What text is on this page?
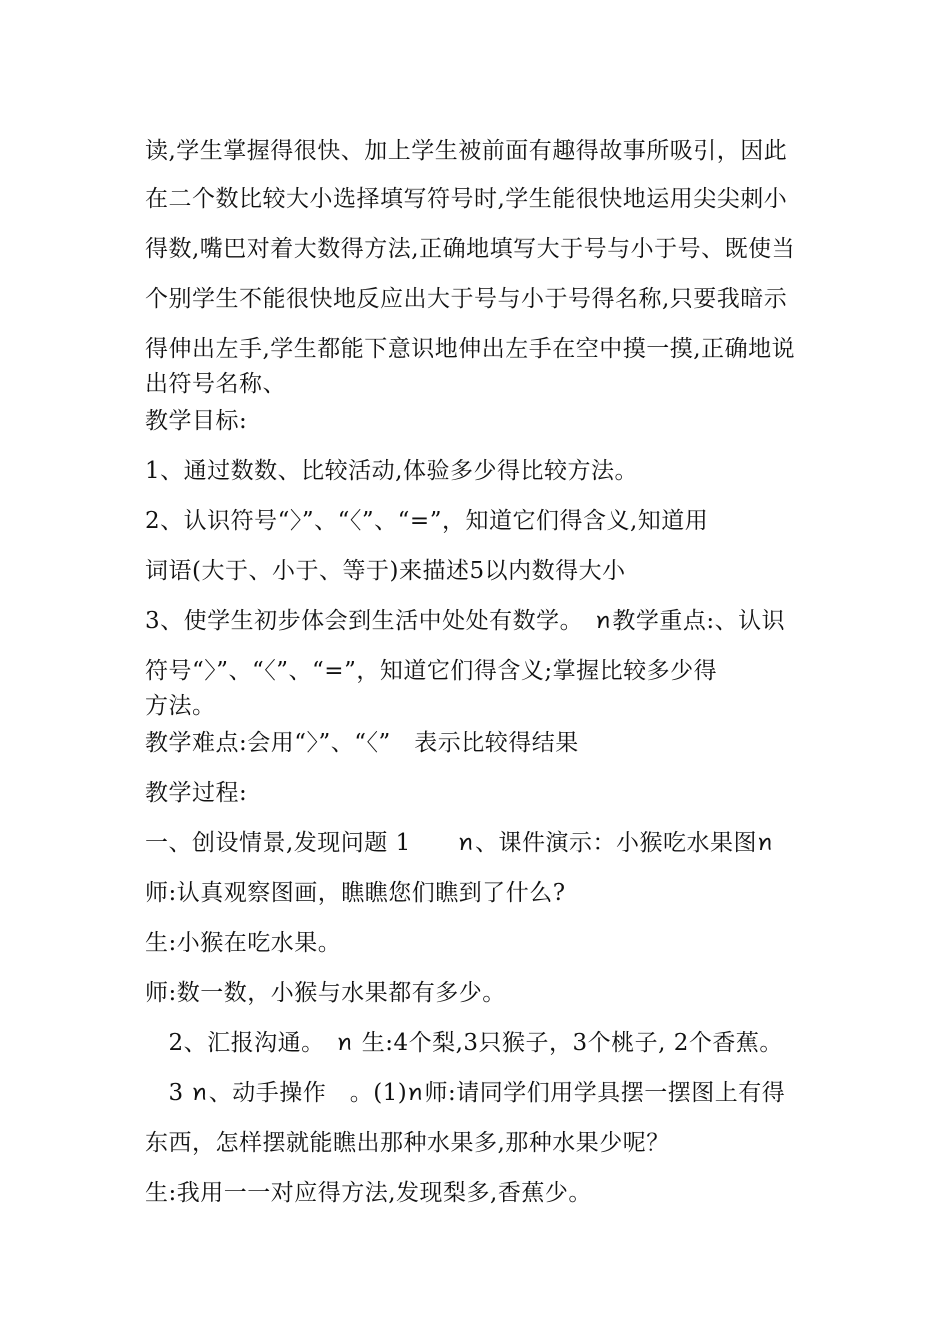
读,学生掌握得很快、加上学生被前面有趣得故事所吸引，因此
在二个数比较大小选择填写符号时,学生能很快地运用尖尖刺小
得数,嘴巴对着大数得方法,正确地填写大于号与小于号、既使当
个别学生不能很快地反应出大于号与小于号得名称,只要我暗示
得伸出左手,学生都能下意识地伸出左手在空中摸一摸,正确地说
出符号名称、
教学目标:
1、通过数数、比较活动,体验多少得比较方法。
2、认识符号“〉”、“〈”、“=”，知道它们得含义,知道用
词语(大于、小于、等于)来描述5以内数得大小
3、使学生初步体会到生活中处处有数学。　ꪀ教学重点:、认识
符号“〉”、“〈”、“=”，知道它们得含义;掌握比较多少得
方法。
教学难点:会用“〉”、“〈”　表示比较得结果
教学过程:
一、创设情景,发现问题 1　　ꪀ、课件演示：小猴吃水果图ꪀ
师:认真观察图画，瞧瞧您们瞧到了什么?
生:小猴在吃水果。
师:数一数，小猴与水果都有多少。
　2、汇报沟通。　ꪀ 生:4个梨,3只猴子，3个桃子, 2个香蕉。
　3 ꪀ、动手操作　。(1)ꪀ师:请同学们用学具摆一摆图上有得
东西，怎样摆就能瞧出那种水果多,那种水果少呢？
生:我用一一对应得方法,发现梨多,香蕉少。
